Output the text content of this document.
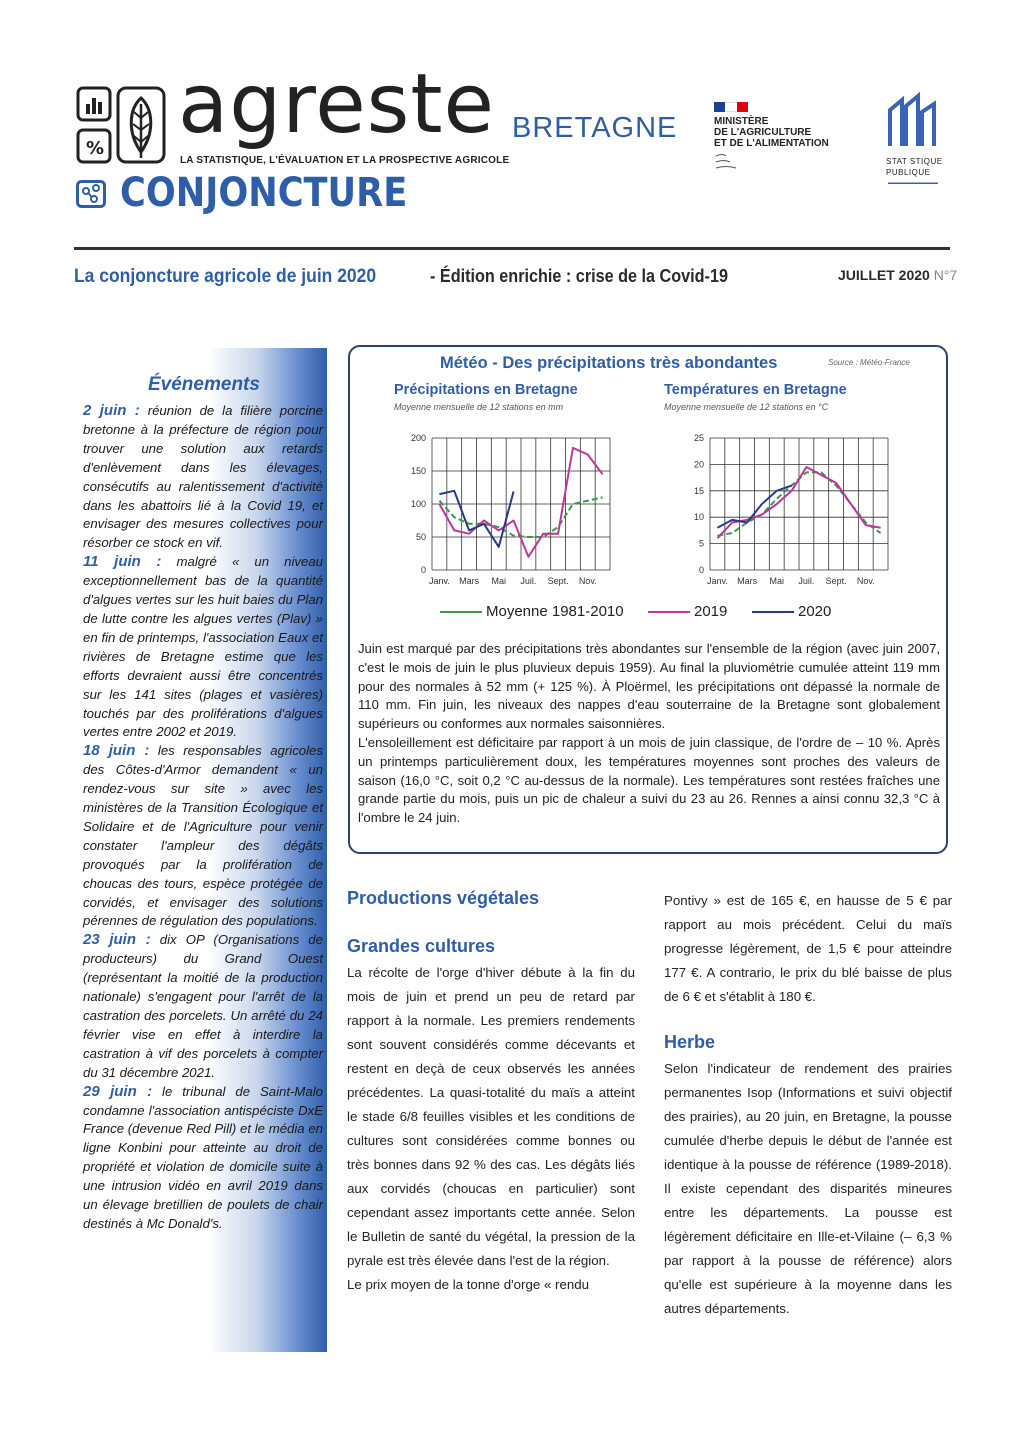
% agreste
LA STATISTIQUE, L'ÉVALUATION ET LA PROSPECTIVE AGRICOLE
BRETAGNE
CONJONCTURE
MINISTÈRE
DE L'AGRICULTURE
ET DE L'ALIMENTATION
STAT STIQUE
PUBLIQUE
La conjoncture agricole de juin 2020	- Édition enrichie : crise de la Covid-19	JUILLET 2020 N°7
Événements
2 juin : réunion de la filière porcine bretonne à la préfecture de région pour trouver une solution aux retards d'enlèvement dans les élevages, consécutifs au ralentissement d'activité dans les abattoirs lié à la Covid 19, et envisager des mesures collectives pour résorber ce stock en vif.
11 juin : malgré « un niveau exceptionnellement bas de la quantité d'algues vertes sur les huit baies du Plan de lutte contre les algues vertes (Plav) » en fin de printemps, l'association Eaux et rivières de Bretagne estime que les efforts devraient aussi être concentrés sur les 141 sites (plages et vasières) touchés par des proliférations d'algues vertes entre 2002 et 2019.
18 juin : les responsables agricoles des Côtes-d'Armor demandent « un rendez-vous sur site » avec les ministères de la Transition Écologique et Solidaire et de l'Agriculture pour venir constater l'ampleur des dégâts provoqués par la prolifération de choucas des tours, espèce protégée de corvidés, et envisager des solutions pérennes de régulation des populations.
23 juin : dix OP (Organisations de producteurs) du Grand Ouest (représentant la moitié de la production nationale) s'engagent pour l'arrêt de la castration des porcelets. Un arrêté du 24 février vise en effet à interdire la castration à vif des porcelets à compter du 31 décembre 2021.
29 juin : le tribunal de Saint-Malo condamne l'association antispéciste DxE France (devenue Red Pill) et le média en ligne Konbini pour atteinte au droit de propriété et violation de domicile suite à une intrusion vidéo en avril 2019 dans un élevage bretillien de poulets de chair destinés à Mc Donald's.
Météo - Des précipitations très abondantes	Source : Météo-France
Précipitations en Bretagne
Moyenne mensuelle de 12 stations en mm
Températures en Bretagne
Moyenne mensuelle de 12 stations en °C
0
50
100
150
200
Janv. Mars Mai Juil. Sept. Nov.
0
5
10
15
20
25
Janv. Mars Mai Juil. Sept. Nov.
Moyenne 1981-2010	2019	2020

Juin est marqué par des précipitations très abondantes sur l'ensemble de la région (avec juin 2007, c'est le mois de juin le plus pluvieux depuis 1959). Au final la pluviométrie cumulée atteint 119 mm pour des normales à 52 mm (+ 125 %). À Ploërmel, les précipitations ont dépassé la normale de 110 mm. Fin juin, les niveaux des nappes d'eau souterraine de la Bretagne sont globalement supérieurs ou conformes aux normales saisonnières.

L'ensoleillement est déficitaire par rapport à un mois de juin classique, de l'ordre de – 10 %. Après un printemps particulièrement doux, les températures moyennes sont proches des valeurs de saison (16,0 °C, soit 0,2 °C au-dessus de la normale). Les températures sont restées fraîches une grande partie du mois, puis un pic de chaleur a suivi du 23 au 26. Rennes a ainsi connu 32,3 °C à l'ombre le 24 juin.

Productions végétales
Grandes cultures

La récolte de l'orge d'hiver débute à la fin du mois de juin et prend un peu de retard par rapport à la normale. Les premiers rendements sont souvent considérés comme décevants et restent en deçà de ceux observés les années précédentes. La quasi-totalité du maïs a atteint le stade 6/8 feuilles visibles et les conditions de cultures sont considérées comme bonnes ou très bonnes dans 92 % des cas. Les dégâts liés aux corvidés (choucas en particulier) sont cependant assez importants cette année. Selon le Bulletin de santé du végétal, la pression de la pyrale est très élevée dans l'est de la région.

Le prix moyen de la tonne d'orge « rendu

Pontivy » est de 165 €, en hausse de 5 € par rapport au mois précédent. Celui du maïs progresse légèrement, de 1,5 € pour atteindre 177 €. A contrario, le prix du blé baisse de plus de 6 € et s'établit à 180 €.
Herbe
Selon l'indicateur de rendement des prairies permanentes Isop (Informations et suivi objectif des prairies), au 20 juin, en Bretagne, la pousse cumulée d'herbe depuis le début de l'année est identique à la pousse de référence (1989-2018). Il existe cependant des disparités mineures entre les départements. La pousse est légèrement déficitaire en Ille-et-Vilaine (– 6,3 % par rapport à la pousse de référence) alors qu'elle est supérieure à la moyenne dans les autres départements.
